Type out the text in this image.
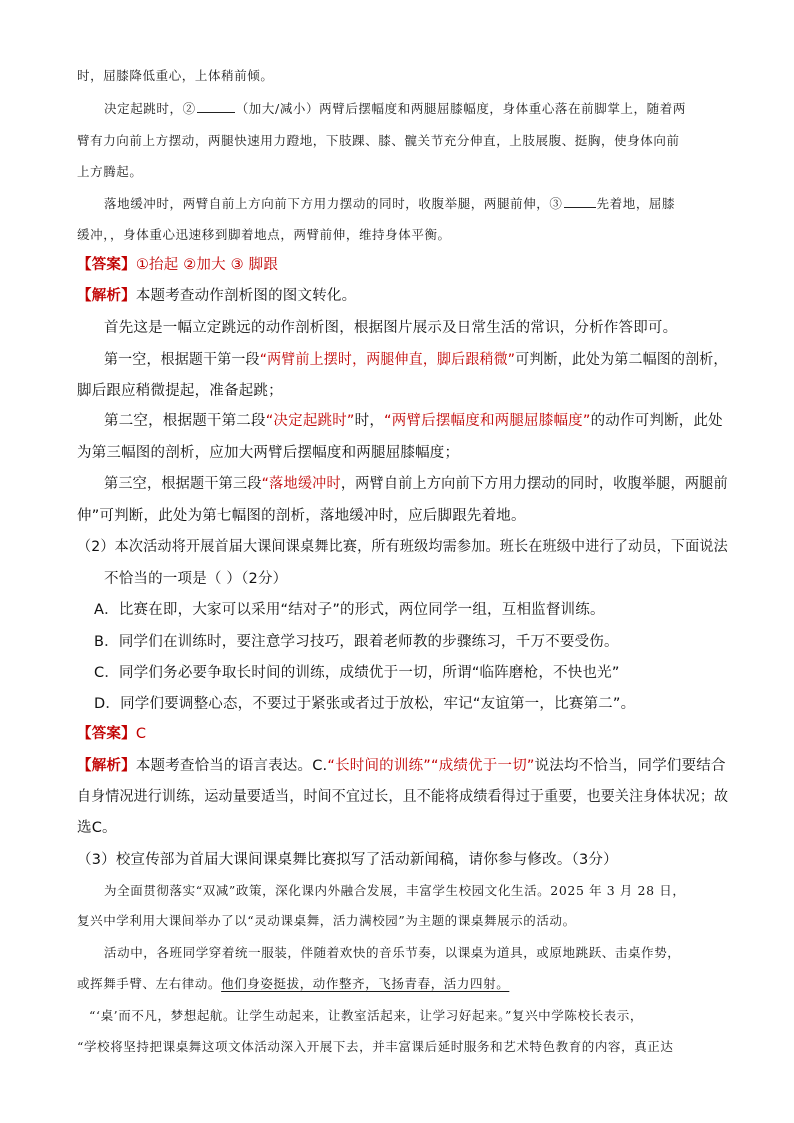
时，屈膝降低重心，上体稍前倾。
决定起跳时，②	（加大/减小）两臂后摆幅度和两腿屈膝幅度，身体重心落在前脚掌上，随着两
臂有力向前上方摆动，两腿快速用力蹬地，下肢踝、膝、髋关节充分伸直，上肢展腹、挺胸，使身体向前
上方腾起。
落地缓冲时，两臂自前上方向前下方用力摆动的同时，收腹举腿，两腿前伸，③	先着地，屈膝
缓冲，，身体重心迅速移到脚着地点，两臂前伸，维持身体平衡。
【答案】①抬起 ②加大 ③ 脚跟
【解析】本题考查动作剖析图的图文转化。
首先这是一幅立定跳远的动作剖析图，根据图片展示及日常生活的常识，分析作答即可。
第一空，根据题干第一段“两臂前上摆时，两腿伸直，脚后跟稍微”可判断，此处为第二幅图的剖析，
脚后跟应稍微提起，准备起跳；
第二空，根据题干第二段“决定起跳时”时，“两臂后摆幅度和两腿屈膝幅度”的动作可判断，此处
为第三幅图的剖析，应加大两臂后摆幅度和两腿屈膝幅度；
第三空，根据题干第三段“落地缓冲时，两臂自前上方向前下方用力摆动的同时，收腹举腿，两腿前
伸”可判断，此处为第七幅图的剖析，落地缓冲时，应后脚跟先着地。
（2）本次活动将开展首届大课间课桌舞比赛，所有班级均需参加。班长在班级中进行了动员，下面说法
不恰当的一项是（ ）（2分）
A．比赛在即，大家可以采用“结对子”的形式，两位同学一组，互相监督训练。
B．同学们在训练时，要注意学习技巧，跟着老师教的步骤练习，千万不要受伤。
C．同学们务必要争取长时间的训练，成绩优于一切，所谓“临阵磨枪，不快也光”
D．同学们要调整心态，不要过于紧张或者过于放松，牢记“友谊第一，比赛第二”。
【答案】C
【解析】本题考查恰当的语言表达。C.“长时间的训练”“成绩优于一切”说法均不恰当，同学们要结合
自身情况进行训练，运动量要适当，时间不宜过长，且不能将成绩看得过于重要，也要关注身体状况；故
选C。
（3）校宣传部为首届大课间课桌舞比赛拟写了活动新闻稿，请你参与修改。（3分）
为全面贯彻落实“双减”政策，深化课内外融合发展，丰富学生校园文化生活。2025 年 3 月 28 日，
复兴中学利用大课间举办了以“灵动课桌舞，活力满校园”为主题的课桌舞展示的活动。
活动中，各班同学穿着统一服装，伴随着欢快的音乐节奏，以课桌为道具，或原地跳跃、击桌作势，
或挥舞手臂、左右律动。他们身姿挺拔，动作整齐，飞扬青春，活力四射。
“‘桌’而不凡，梦想起航。让学生动起来，让教室活起来，让学习好起来。”复兴中学陈校长表示，
“学校将坚持把课桌舞这项文体活动深入开展下去，并丰富课后延时服务和艺术特色教育的内容，真正达
